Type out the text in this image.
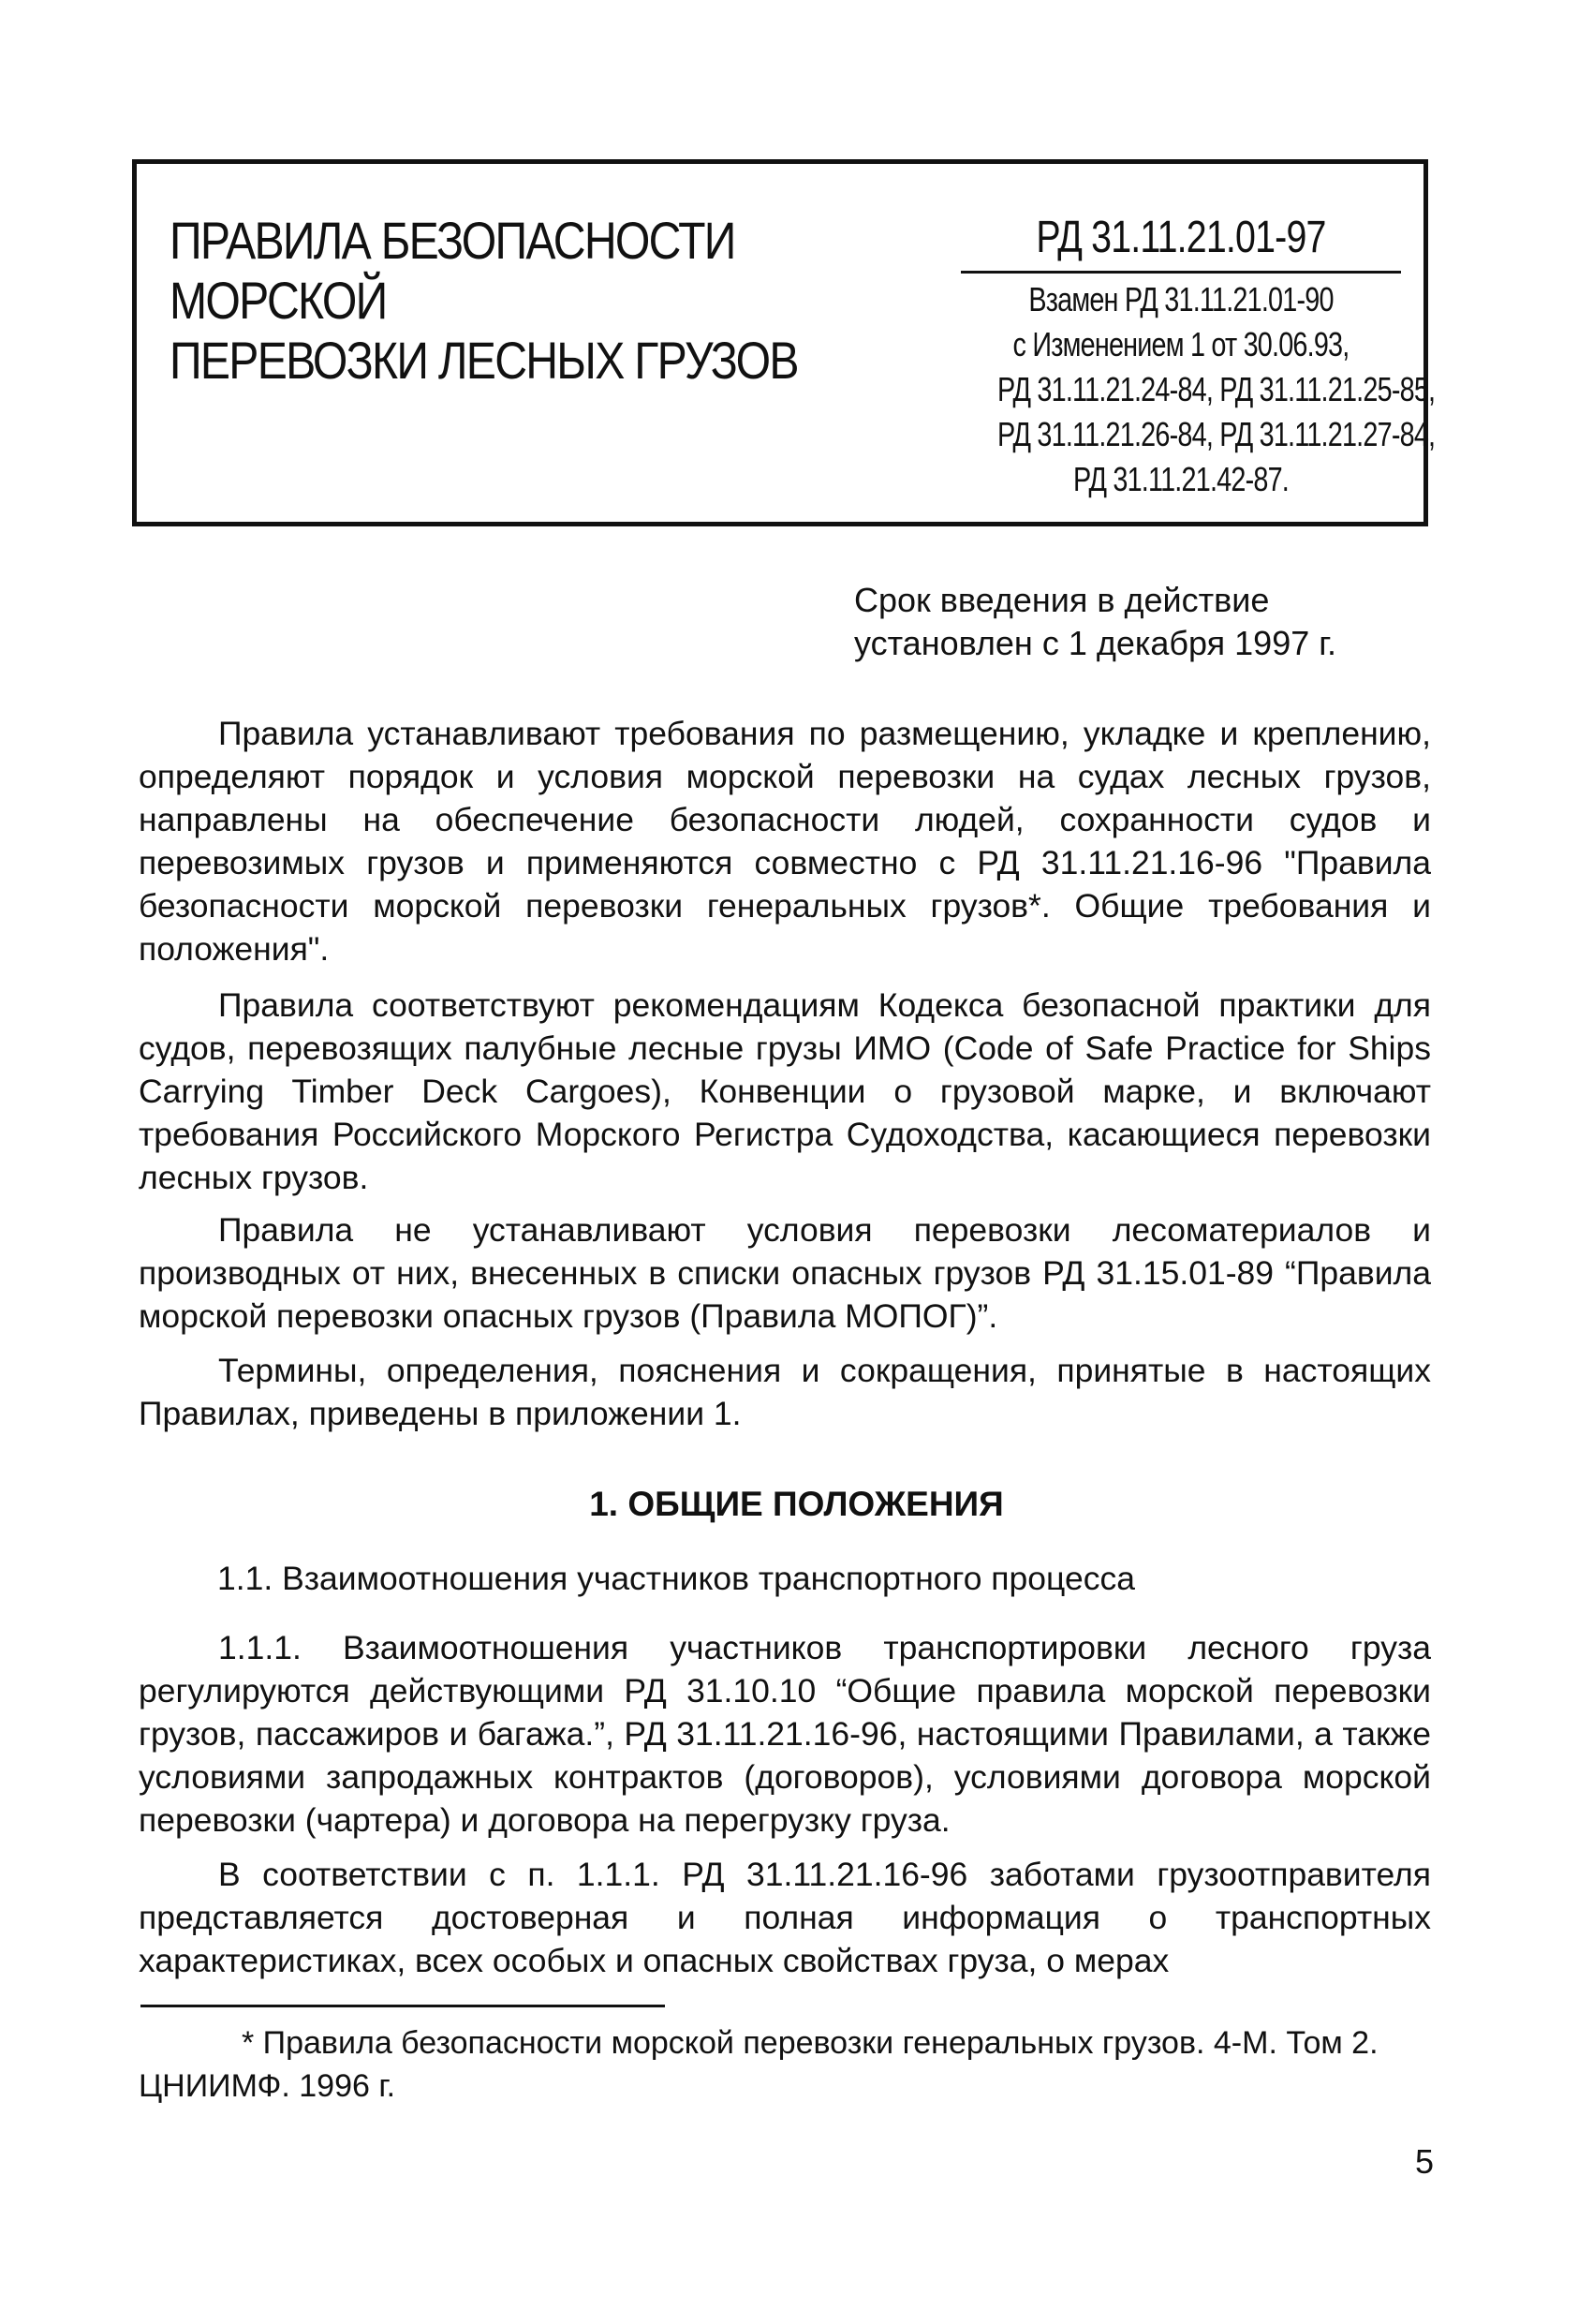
ПРАВИЛА БЕЗОПАСНОСТИ МОРСКОЙ
ПЕРЕВОЗКИ ЛЕСНЫХ ГРУЗОВ
РД 31.11.21.01-97
Взамен РД 31.11.21.01-90
с Изменением 1 от 30.06.93,
РД 31.11.21.24-84, РД 31.11.21.25-85,
РД 31.11.21.26-84, РД 31.11.21.27-84,
РД 31.11.21.42-87.
Срок введения в действие
установлен с 1 декабря 1997 г.

Правила устанавливают требования по размещению, укладке и креплению, определяют порядок и условия морской перевозки на судах лесных грузов, направлены на обеспечение безопасности людей, сохранности судов и перевозимых грузов и применяются совместно с РД 31.11.21.16-96 "Правила безопасности морской перевозки генеральных грузов*. Общие требования и положения".

Правила соответствуют рекомендациям Кодекса безопасной практики для судов, перевозящих палубные лесные грузы ИМО (Code of Safe Practice for Ships Carrying Timber Deck Cargoes), Конвенции о грузовой марке, и включают требования Российского Морского Регистра Судоходства, касающиеся перевозки лесных грузов.

Правила не устанавливают условия перевозки лесоматериалов и производных от них, внесенных в списки опасных грузов РД 31.15.01-89 “Правила морской перевозки опасных грузов (Правила МОПОГ)”.

Термины, определения, пояснения и сокращения, принятые в настоящих Правилах, приведены в приложении 1.

1. ОБЩИЕ ПОЛОЖЕНИЯ
1.1. Взаимоотношения участников транспортного процесса

1.1.1. Взаимоотношения участников транспортировки лесного груза регулируются действующими РД 31.10.10 “Общие правила морской перевозки грузов, пассажиров и багажа.”, РД 31.11.21.16-96, настоящими Правилами, а также условиями запродажных контрактов (договоров), условиями договора морской перевозки (чартера) и договора на перегрузку груза.

В соответствии с п. 1.1.1. РД 31.11.21.16-96 заботами грузоотправителя представляется достоверная и полная информация о транспортных характеристиках, всех особых и опасных свойствах груза, о мерах

* Правила безопасности морской перевозки генеральных грузов. 4-М. Том 2. ЦНИИМФ. 1996 г.

5
